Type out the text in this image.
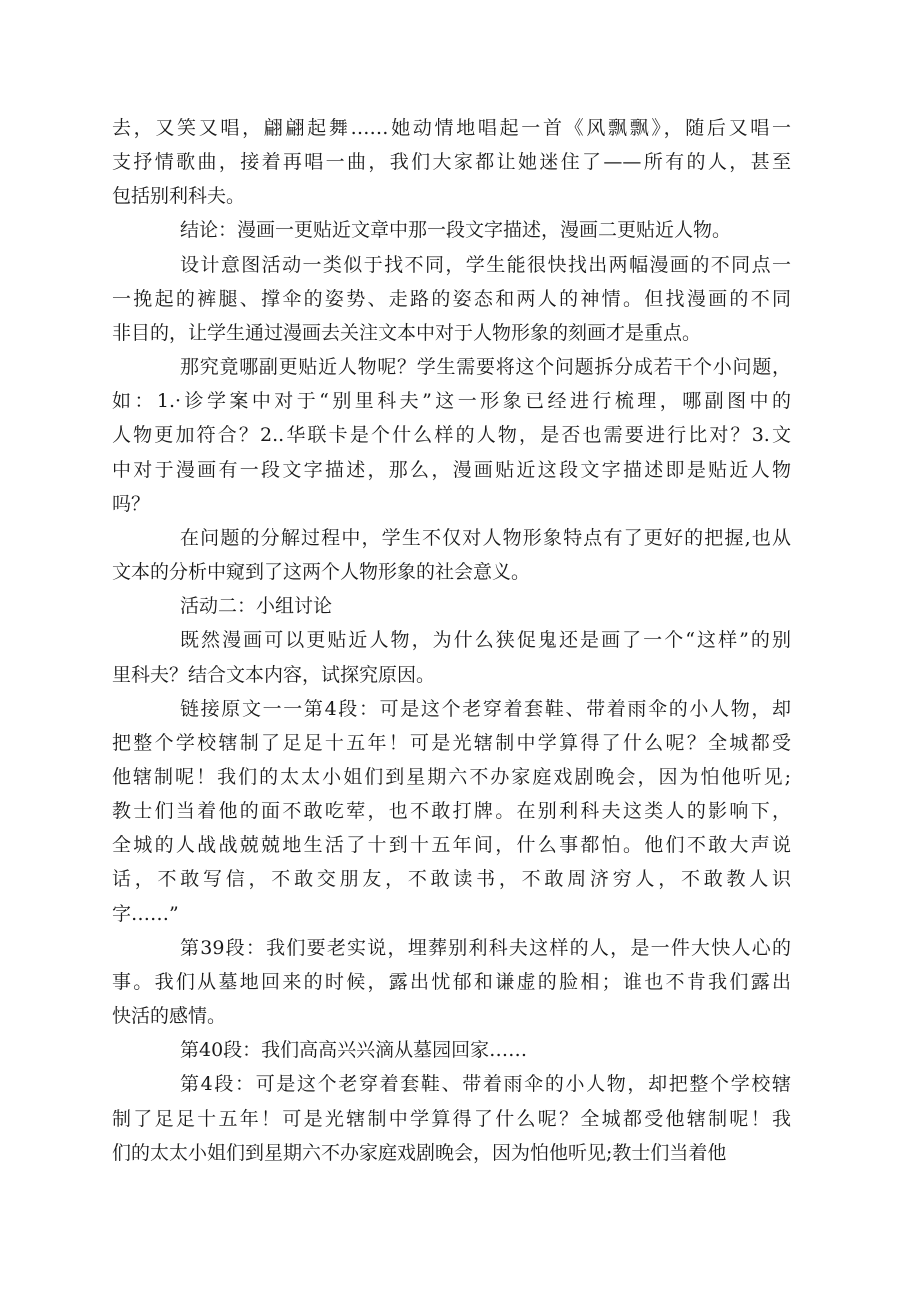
去，又笑又唱，翩翩起舞……她动情地唱起一首《风飘飘》，随后又唱一
支抒情歌曲，接着再唱一曲，我们大家都让她迷住了——所有的人，甚至
包括别利科夫。
结论：漫画一更贴近文章中那一段文字描述，漫画二更贴近人物。
设计意图活动一类似于找不同，学生能很快找出两幅漫画的不同点一
一挽起的裤腿、撑伞的姿势、走路的姿态和两人的神情。但找漫画的不同
非目的，让学生通过漫画去关注文本中对于人物形象的刻画才是重点。
那究竟哪副更贴近人物呢？学生需要将这个问题拆分成若干个小问题，
如：1.·诊学案中对于“别里科夫”这一形象已经进行梳理，哪副图中的
人物更加符合？2..华联卡是个什么样的人物，是否也需要进行比对？3.文
中对于漫画有一段文字描述，那么，漫画贴近这段文字描述即是贴近人物
吗？
在问题的分解过程中，学生不仅对人物形象特点有了更好的把握,也从
文本的分析中窥到了这两个人物形象的社会意义。
活动二：小组讨论
既然漫画可以更贴近人物，为什么狭促鬼还是画了一个“这样”的别
里科夫？结合文本内容，试探究原因。
链接原文一一第4段：可是这个老穿着套鞋、带着雨伞的小人物，却
把整个学校辖制了足足十五年！可是光辖制中学算得了什么呢？全城都受
他辖制呢！我们的太太小姐们到星期六不办家庭戏剧晚会，因为怕他听见;
教士们当着他的面不敢吃荤，也不敢打牌。在别利科夫这类人的影响下，
全城的人战战兢兢地生活了十到十五年间，什么事都怕。他们不敢大声说
话，不敢写信，不敢交朋友，不敢读书，不敢周济穷人，不敢教人识
字……”
第39段：我们要老实说，埋葬别利科夫这样的人，是一件大快人心的
事。我们从墓地回来的时候，露出忧郁和谦虚的脸相；谁也不肯我们露出
快活的感情。
第40段：我们高高兴兴滴从墓园回家……
第4段：可是这个老穿着套鞋、带着雨伞的小人物，却把整个学校辖
制了足足十五年！可是光辖制中学算得了什么呢？全城都受他辖制呢！我
们的太太小姐们到星期六不办家庭戏剧晚会，因为怕他听见;教士们当着他
